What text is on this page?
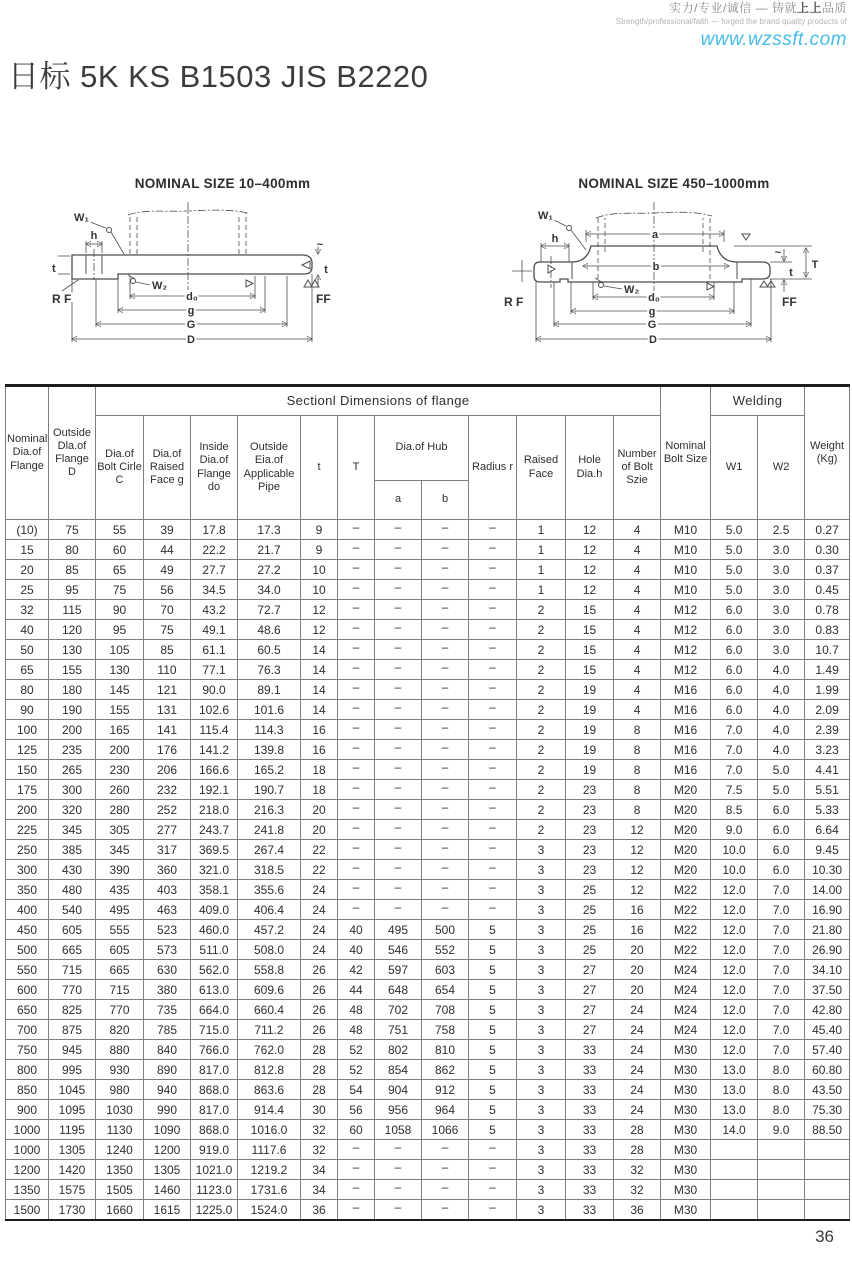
实力/专业/诚信 — 铸就上上品质
Strength/professional/faith — forged the brand quality products of
www.wzssft.com
日标 5K KS B1503 JIS B2220
NOMINAL SIZE 10–400mm
h
W₁
W₂
d₀
g
G
D
t
R F
t
~
FF
NOMINAL SIZE 450–1000mm
a
b
h
W₁
W₂
d₀
g
G
D
R F
t
~
T
FF
Nominal Dia.of Flange	Outside Dla.of Flange D	Sectionl Dimensions of flange												Nominal Bolt Size	Welding		Weight (Kg)
		Dia.of Bolt Cirle C	Dia.of Raised Face g	Inside Dia.of Flange do	Outside Eia.of Applicable Pipe	t	T	Dia.of Hub		Radius r	Raised Face	Hole Dia.h	Number of Bolt Szie		W1	W2	
								a	b								
(10)	75	55	39	17.8	17.3	9	–	–	–	–	1	12	4	M10	5.0	2.5	0.27
15	80	60	44	22.2	21.7	9	–	–	–	–	1	12	4	M10	5.0	3.0	0.30
20	85	65	49	27.7	27.2	10	–	–	–	–	1	12	4	M10	5.0	3.0	0.37
25	95	75	56	34.5	34.0	10	–	–	–	–	1	12	4	M10	5.0	3.0	0.45
32	115	90	70	43.2	72.7	12	–	–	–	–	2	15	4	M12	6.0	3.0	0.78
40	120	95	75	49.1	48.6	12	–	–	–	–	2	15	4	M12	6.0	3.0	0.83
50	130	105	85	61.1	60.5	14	–	–	–	–	2	15	4	M12	6.0	3.0	10.7
65	155	130	110	77.1	76.3	14	–	–	–	–	2	15	4	M12	6.0	4.0	1.49
80	180	145	121	90.0	89.1	14	–	–	–	–	2	19	4	M16	6.0	4.0	1.99
90	190	155	131	102.6	101.6	14	–	–	–	–	2	19	4	M16	6.0	4.0	2.09
100	200	165	141	115.4	114.3	16	–	–	–	–	2	19	8	M16	7.0	4.0	2.39
125	235	200	176	141.2	139.8	16	–	–	–	–	2	19	8	M16	7.0	4.0	3.23
150	265	230	206	166.6	165.2	18	–	–	–	–	2	19	8	M16	7.0	5.0	4.41
175	300	260	232	192.1	190.7	18	–	–	–	–	2	23	8	M20	7.5	5.0	5.51
200	320	280	252	218.0	216.3	20	–	–	–	–	2	23	8	M20	8.5	6.0	5.33
225	345	305	277	243.7	241.8	20	–	–	–	–	2	23	12	M20	9.0	6.0	6.64
250	385	345	317	369.5	267.4	22	–	–	–	–	3	23	12	M20	10.0	6.0	9.45
300	430	390	360	321.0	318.5	22	–	–	–	–	3	23	12	M20	10.0	6.0	10.30
350	480	435	403	358.1	355.6	24	–	–	–	–	3	25	12	M22	12.0	7.0	14.00
400	540	495	463	409.0	406.4	24	–	–	–	–	3	25	16	M22	12.0	7.0	16.90
450	605	555	523	460.0	457.2	24	40	495	500	5	3	25	16	M22	12.0	7.0	21.80
500	665	605	573	511.0	508.0	24	40	546	552	5	3	25	20	M22	12.0	7.0	26.90
550	715	665	630	562.0	558.8	26	42	597	603	5	3	27	20	M24	12.0	7.0	34.10
600	770	715	380	613.0	609.6	26	44	648	654	5	3	27	20	M24	12.0	7.0	37.50
650	825	770	735	664.0	660.4	26	48	702	708	5	3	27	24	M24	12.0	7.0	42.80
700	875	820	785	715.0	711.2	26	48	751	758	5	3	27	24	M24	12.0	7.0	45.40
750	945	880	840	766.0	762.0	28	52	802	810	5	3	33	24	M30	12.0	7.0	57.40
800	995	930	890	817.0	812.8	28	52	854	862	5	3	33	24	M30	13.0	8.0	60.80
850	1045	980	940	868.0	863.6	28	54	904	912	5	3	33	24	M30	13.0	8.0	43.50
900	1095	1030	990	817.0	914.4	30	56	956	964	5	3	33	24	M30	13.0	8.0	75.30
1000	1195	1130	1090	868.0	1016.0	32	60	1058	1066	5	3	33	28	M30	14.0	9.0	88.50
1000	1305	1240	1200	919.0	1117.6	32	–	–	–	–	3	33	28	M30			
1200	1420	1350	1305	1021.0	1219.2	34	–	–	–	–	3	33	32	M30			
1350	1575	1505	1460	1123.0	1731.6	34	–	–	–	–	3	33	32	M30			
1500	1730	1660	1615	1225.0	1524.0	36	–	–	–	–	3	33	36	M30			
36
